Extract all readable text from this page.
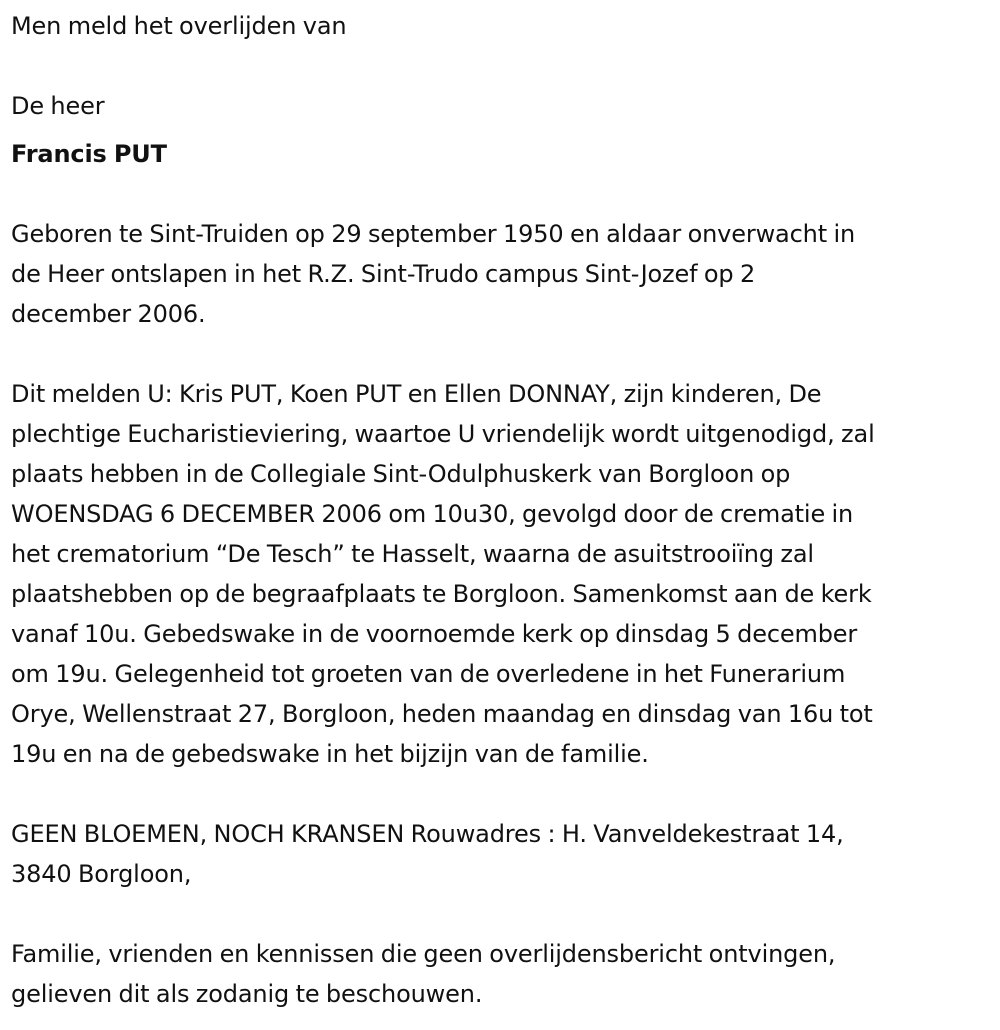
Men meld het overlijden van

De heer

Francis PUT

Geboren te Sint-Truiden op 29 september 1950 en aldaar onverwacht in

de Heer ontslapen in het R.Z. Sint-Trudo campus Sint-Jozef op 2

december 2006.

Dit melden U: Kris PUT, Koen PUT en Ellen DONNAY, zijn kinderen, De

plechtige Eucharistieviering, waartoe U vriendelijk wordt uitgenodigd, zal

plaats hebben in de Collegiale Sint-Odulphuskerk van Borgloon op

WOENSDAG 6 DECEMBER 2006 om 10u30, gevolgd door de crematie in

het crematorium “De Tesch” te Hasselt, waarna de asuitstrooiïng zal

plaatshebben op de begraafplaats te Borgloon. Samenkomst aan de kerk

vanaf 10u. Gebedswake in de voornoemde kerk op dinsdag 5 december

om 19u. Gelegenheid tot groeten van de overledene in het Funerarium

Orye, Wellenstraat 27, Borgloon, heden maandag en dinsdag van 16u tot

19u en na de gebedswake in het bijzijn van de familie.

GEEN BLOEMEN, NOCH KRANSEN Rouwadres : H. Vanveldekestraat 14,

3840 Borgloon,

Familie, vrienden en kennissen die geen overlijdensbericht ontvingen,

gelieven dit als zodanig te beschouwen.
